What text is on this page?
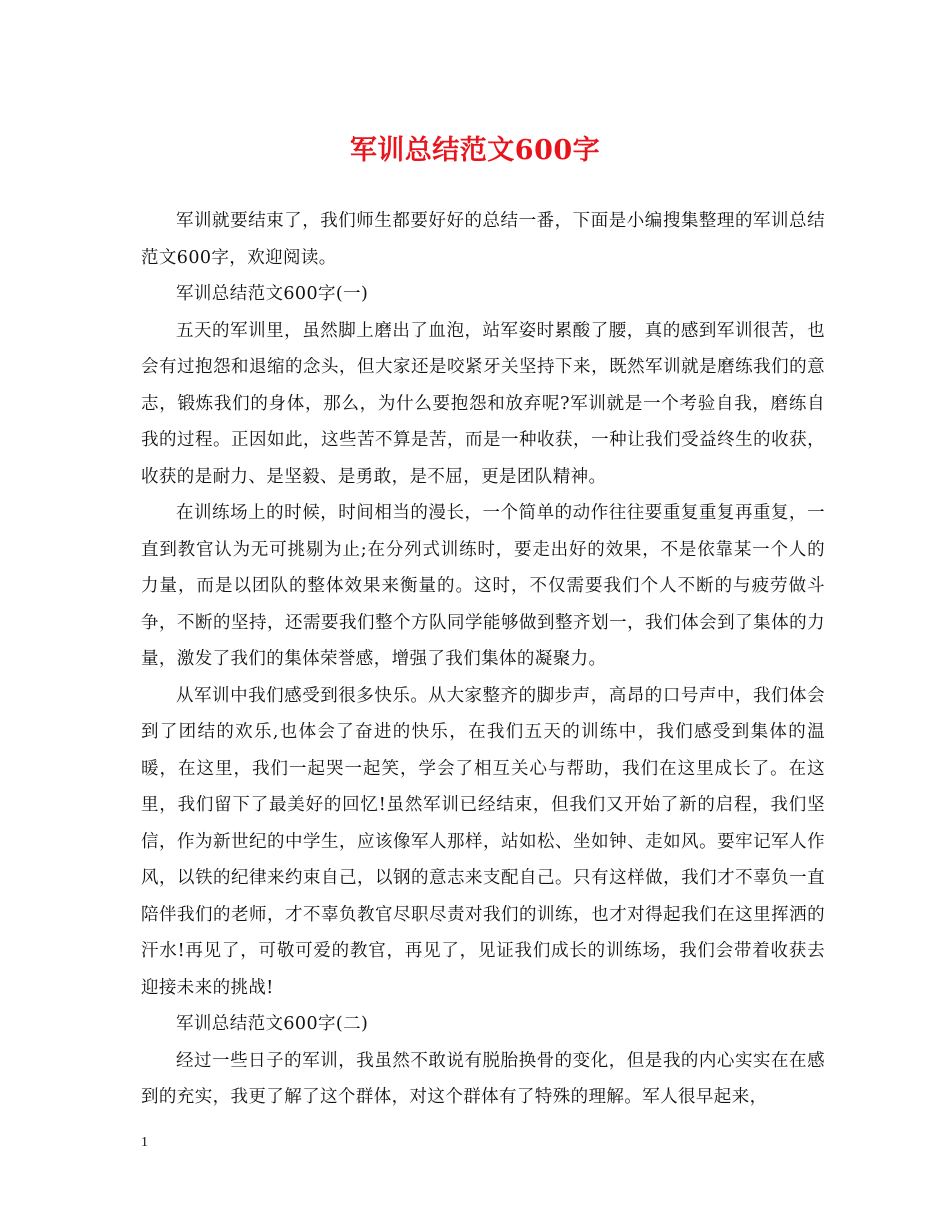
军训总结范文600字

军训就要结束了，我们师生都要好好的总结一番，下面是小编搜集整理的军训总结范文600字，欢迎阅读。

军训总结范文600字(一)

五天的军训里，虽然脚上磨出了血泡，站军姿时累酸了腰，真的感到军训很苦，也会有过抱怨和退缩的念头，但大家还是咬紧牙关坚持下来，既然军训就是磨练我们的意志，锻炼我们的身体，那么，为什么要抱怨和放弃呢?军训就是一个考验自我，磨练自我的过程。正因如此，这些苦不算是苦，而是一种收获，一种让我们受益终生的收获，收获的是耐力、是坚毅、是勇敢，是不屈，更是团队精神。

在训练场上的时候，时间相当的漫长，一个简单的动作往往要重复重复再重复，一直到教官认为无可挑剔为止;在分列式训练时，要走出好的效果，不是依靠某一个人的力量，而是以团队的整体效果来衡量的。这时，不仅需要我们个人不断的与疲劳做斗争，不断的坚持，还需要我们整个方队同学能够做到整齐划一，我们体会到了集体的力量，激发了我们的集体荣誉感，增强了我们集体的凝聚力。

从军训中我们感受到很多快乐。从大家整齐的脚步声，高昂的口号声中，我们体会到了团结的欢乐,也体会了奋进的快乐，在我们五天的训练中，我们感受到集体的温暖，在这里，我们一起哭一起笑，学会了相互关心与帮助，我们在这里成长了。在这里，我们留下了最美好的回忆!虽然军训已经结束，但我们又开始了新的启程，我们坚信，作为新世纪的中学生，应该像军人那样，站如松、坐如钟、走如风。要牢记军人作风，以铁的纪律来约束自己，以钢的意志来支配自己。只有这样做，我们才不辜负一直陪伴我们的老师，才不辜负教官尽职尽责对我们的训练，也才对得起我们在这里挥洒的汗水!再见了，可敬可爱的教官，再见了，见证我们成长的训练场，我们会带着收获去迎接未来的挑战!

军训总结范文600字(二)

经过一些日子的军训，我虽然不敢说有脱胎换骨的变化，但是我的内心实实在在感到的充实，我更了解了这个群体，对这个群体有了特殊的理解。军人很早起来，

1
